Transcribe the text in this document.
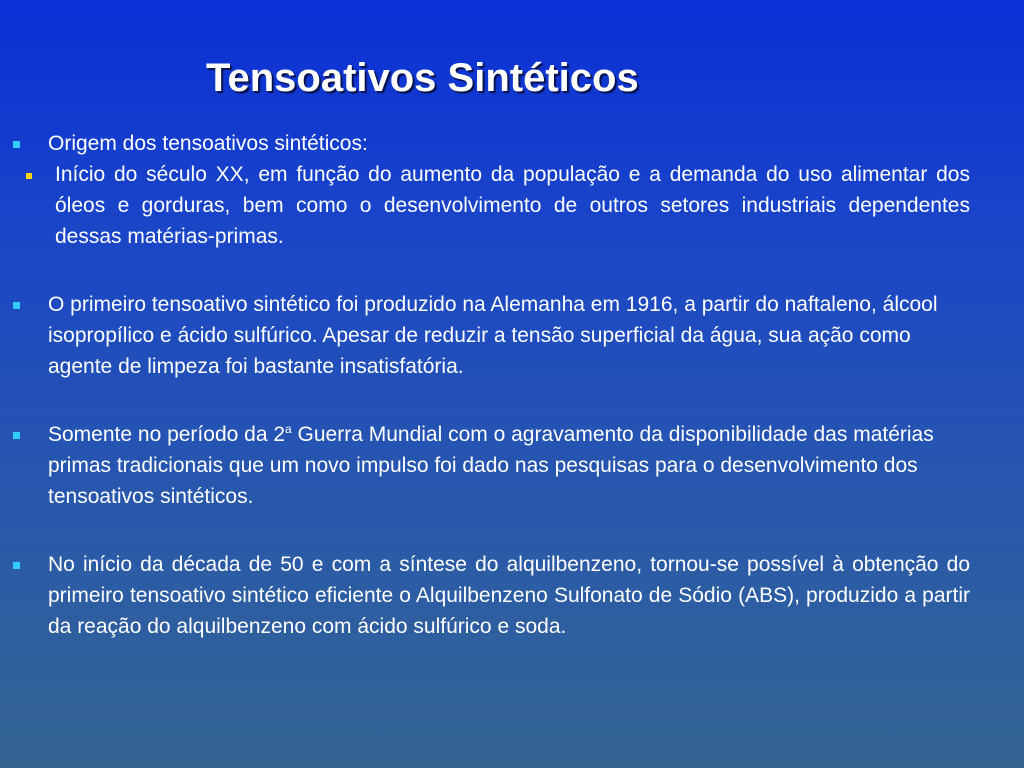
Tensoativos Sintéticos
Origem dos tensoativos sintéticos:
Início do século XX, em função do aumento da população e a demanda do uso alimentar dos óleos e gorduras, bem como o desenvolvimento de outros setores industriais dependentes dessas matérias-primas.
O primeiro tensoativo sintético foi produzido na Alemanha em 1916, a partir do naftaleno, álcool isopropílico e ácido sulfúrico. Apesar de reduzir a tensão superficial da água, sua ação como agente de limpeza foi bastante insatisfatória.
Somente no período da 2$^a$ Guerra Mundial com o agravamento da disponibilidade das matérias primas tradicionais que um novo impulso foi dado nas pesquisas para o desenvolvimento dos tensoativos sintéticos.
No início da década de 50 e com a síntese do alquilbenzeno, tornou-se possível à obtenção do primeiro tensoativo sintético eficiente o Alquilbenzeno Sulfonato de Sódio (ABS), produzido a partir da reação do alquilbenzeno com ácido sulfúrico e soda.
